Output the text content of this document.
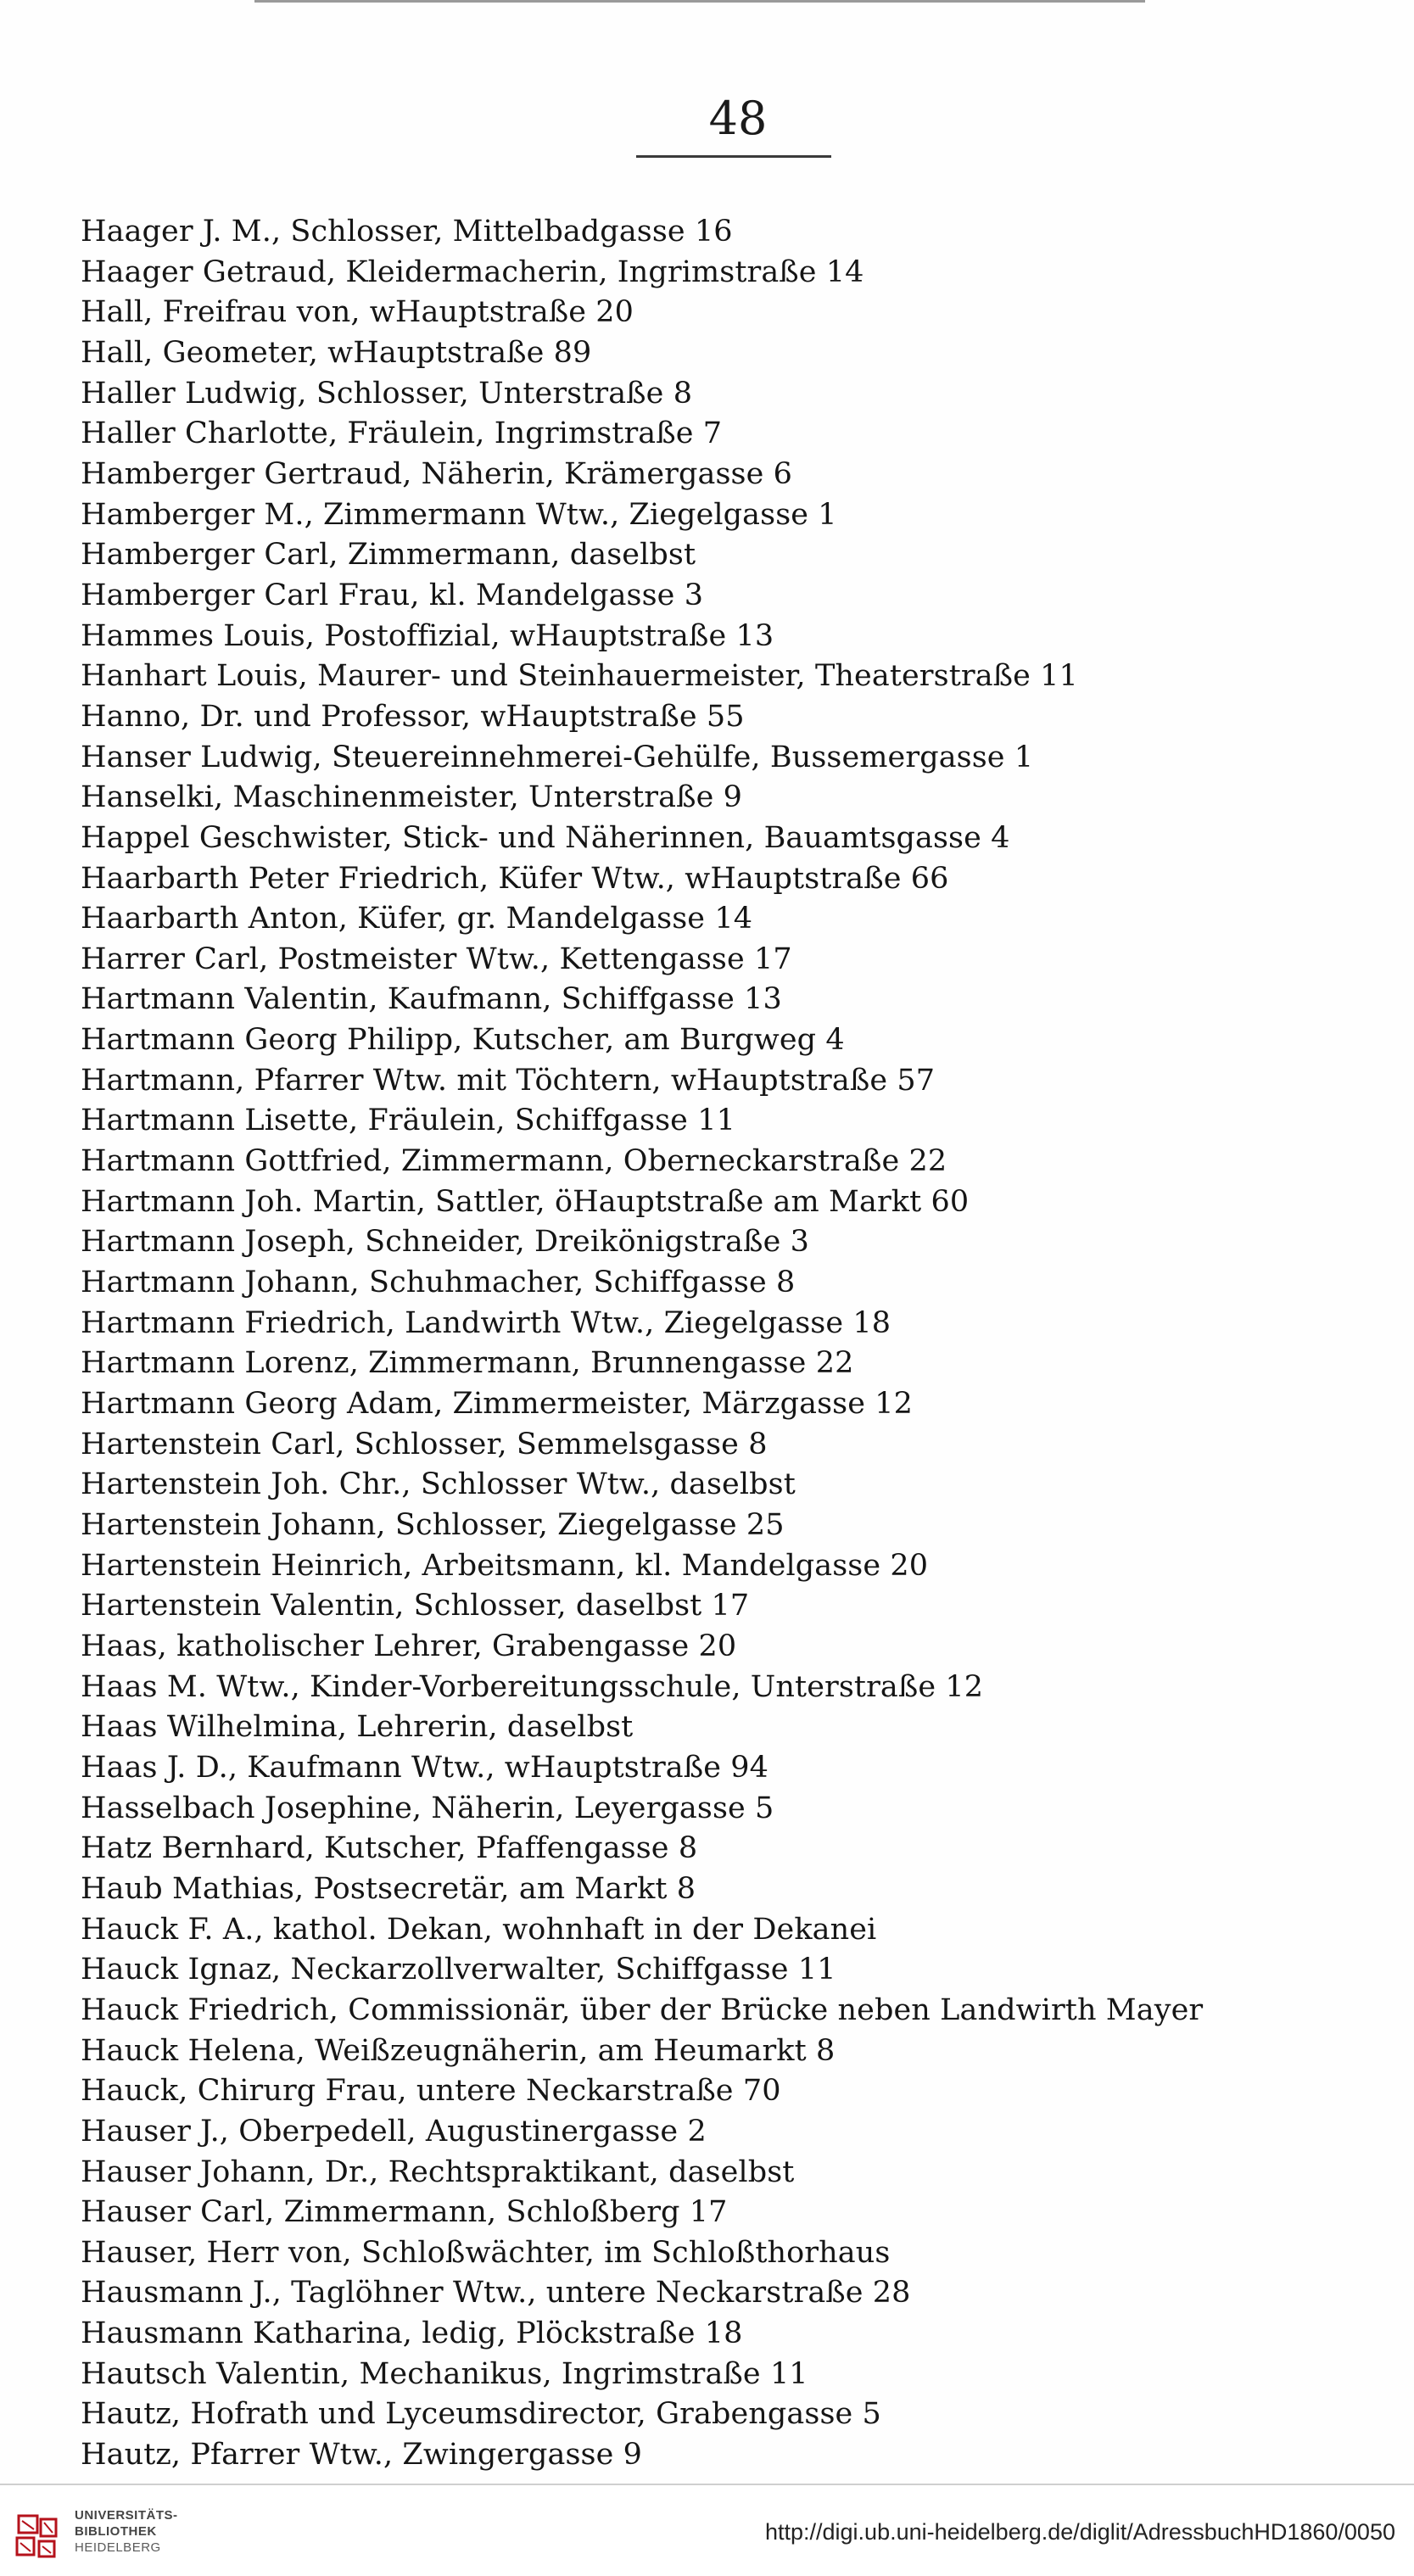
48
Haager J. M., Schlosser, Mittelbadgasse 16
Haager Getraud, Kleidermacherin, Ingrimstraße 14
Hall, Freifrau von, wHauptstraße 20
Hall, Geometer, wHauptstraße 89
Haller Ludwig, Schlosser, Unterstraße 8
Haller Charlotte, Fräulein, Ingrimstraße 7
Hamberger Gertraud, Näherin, Krämergasse 6
Hamberger M., Zimmermann Wtw., Ziegelgasse 1
Hamberger Carl, Zimmermann, daselbst
Hamberger Carl Frau, kl. Mandelgasse 3
Hammes Louis, Postoffizial, wHauptstraße 13
Hanhart Louis, Maurer- und Steinhauermeister, Theaterstraße 11
Hanno, Dr. und Professor, wHauptstraße 55
Hanser Ludwig, Steuereinnehmerei-Gehülfe, Bussemergasse 1
Hanselki, Maschinenmeister, Unterstraße 9
Happel Geschwister, Stick- und Näherinnen, Bauamtsgasse 4
Haarbarth Peter Friedrich, Küfer Wtw., wHauptstraße 66
Haarbarth Anton, Küfer, gr. Mandelgasse 14
Harrer Carl, Postmeister Wtw., Kettengasse 17
Hartmann Valentin, Kaufmann, Schiffgasse 13
Hartmann Georg Philipp, Kutscher, am Burgweg 4
Hartmann, Pfarrer Wtw. mit Töchtern, wHauptstraße 57
Hartmann Lisette, Fräulein, Schiffgasse 11
Hartmann Gottfried, Zimmermann, Oberneckarstraße 22
Hartmann Joh. Martin, Sattler, öHauptstraße am Markt 60
Hartmann Joseph, Schneider, Dreikönigstraße 3
Hartmann Johann, Schuhmacher, Schiffgasse 8
Hartmann Friedrich, Landwirth Wtw., Ziegelgasse 18
Hartmann Lorenz, Zimmermann, Brunnengasse 22
Hartmann Georg Adam, Zimmermeister, Märzgasse 12
Hartenstein Carl, Schlosser, Semmelsgasse 8
Hartenstein Joh. Chr., Schlosser Wtw., daselbst
Hartenstein Johann, Schlosser, Ziegelgasse 25
Hartenstein Heinrich, Arbeitsmann, kl. Mandelgasse 20
Hartenstein Valentin, Schlosser, daselbst 17
Haas, katholischer Lehrer, Grabengasse 20
Haas M. Wtw., Kinder-Vorbereitungsschule, Unterstraße 12
Haas Wilhelmina, Lehrerin, daselbst
Haas J. D., Kaufmann Wtw., wHauptstraße 94
Hasselbach Josephine, Näherin, Leyergasse 5
Hatz Bernhard, Kutscher, Pfaffengasse 8
Haub Mathias, Postsecretär, am Markt 8
Hauck F. A., kathol. Dekan, wohnhaft in der Dekanei
Hauck Ignaz, Neckarzollverwalter, Schiffgasse 11
Hauck Friedrich, Commissionär, über der Brücke neben Landwirth Mayer
Hauck Helena, Weißzeugnäherin, am Heumarkt 8
Hauck, Chirurg Frau, untere Neckarstraße 70
Hauser J., Oberpedell, Augustinergasse 2
Hauser Johann, Dr., Rechtspraktikant, daselbst
Hauser Carl, Zimmermann, Schloßberg 17
Hauser, Herr von, Schloßwächter, im Schloßthorhaus
Hausmann J., Taglöhner Wtw., untere Neckarstraße 28
Hausmann Katharina, ledig, Plöckstraße 18
Hautsch Valentin, Mechanikus, Ingrimstraße 11
Hautz, Hofrath und Lyceumsdirector, Grabengasse 5
Hautz, Pfarrer Wtw., Zwingergasse 9
UNIVERSITÄTS-
BIBLIOTHEK
HEIDELBERG
http://digi.ub.uni-heidelberg.de/diglit/AdressbuchHD1860/0050
